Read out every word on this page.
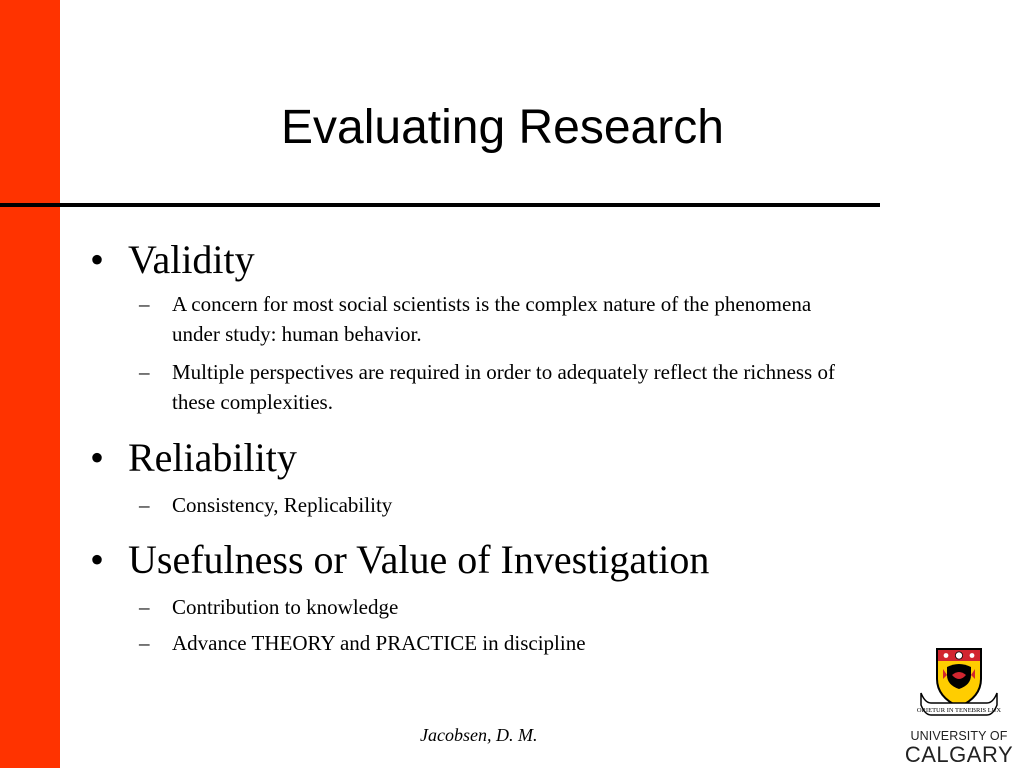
Evaluating Research
• Validity
– A concern for most social scientists is the complex nature of the phenomena under study: human behavior.
– Multiple perspectives are required in order to adequately reflect the richness of these complexities.
• Reliability
– Consistency, Replicability
• Usefulness or Value of Investigation
– Contribution to knowledge
– Advance THEORY and PRACTICE in discipline
Jacobsen, D. M.
ORIETUR IN TENEBRIS LUX
UNIVERSITY OF
CALGARY
